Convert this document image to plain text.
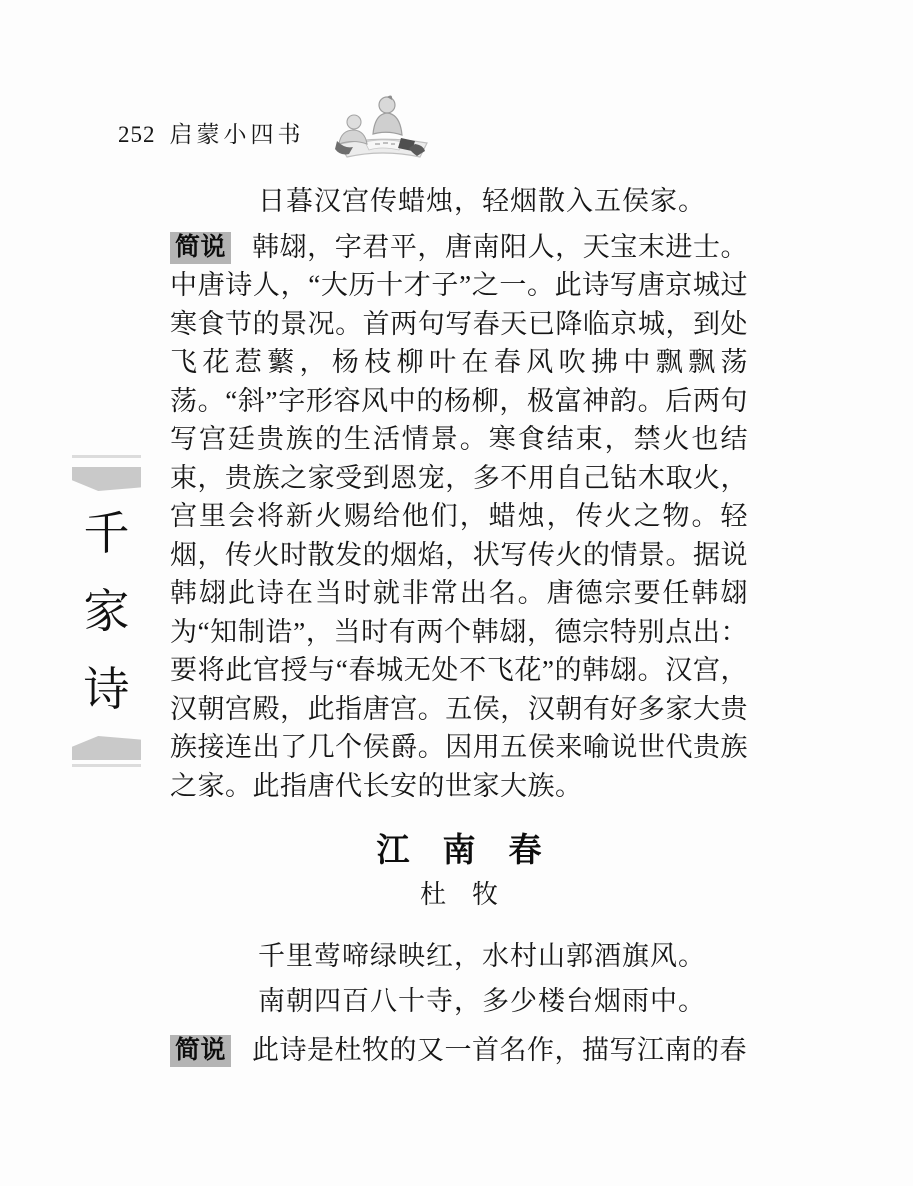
252 启蒙小四书
千
家
诗

日暮汉宫传蜡烛，轻烟散入五侯家。

简说 韩翃，字君平，唐南阳人，天宝末进士。中唐诗人，“大历十才子”之一。此诗写唐京城过寒食节的景况。首两句写春天已降临京城，到处飞花惹蘩，杨枝柳叶在春风吹拂中飘飘荡荡。“斜”字形容风中的杨柳，极富神韵。后两句写宫廷贵族的生活情景。寒食结束，禁火也结束，贵族之家受到恩宠，多不用自己钻木取火，宫里会将新火赐给他们，蜡烛，传火之物。轻烟，传火时散发的烟焰，状写传火的情景。据说韩翃此诗在当时就非常出名。唐德宗要任韩翃为“知制诰”，当时有两个韩翃，德宗特别点出：要将此官授与“春城无处不飞花”的韩翃。汉宫，汉朝宫殿，此指唐宫。五侯，汉朝有好多家大贵族接连出了几个侯爵。因用五侯来喻说世代贵族之家。此指唐代长安的世家大族。

江　南　春
杜　牧

千里莺啼绿映红，水村山郭酒旗风。

南朝四百八十寺，多少楼台烟雨中。

简说 此诗是杜牧的又一首名作，描写江南的春
